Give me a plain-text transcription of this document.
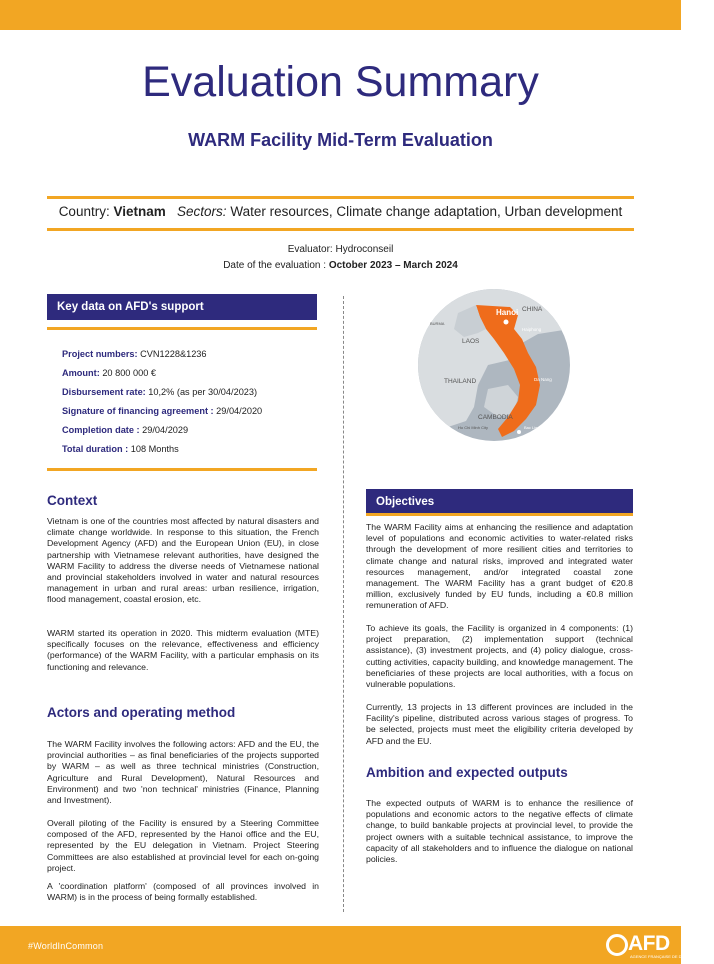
Evaluation Summary
WARM Facility Mid-Term Evaluation
Country: Vietnam Sectors: Water resources, Climate change adaptation, Urban development
Evaluator: Hydroconseil
Date of the evaluation : October 2023 – March 2024
Key data on AFD's support
Project numbers: CVN1228&1236
Amount: 20 800 000 €
Disbursement rate: 10,2% (as per 30/04/2023)
Signature of financing agreement : 29/04/2020
Completion date : 29/04/2029
Total duration : 108 Months
Hanoi CHINA
Haiphong
BURMA
LAOS
THAILAND
CAMBODIA
Da Nang
Ho Chi Minh City	Bac Lieu
Context
Vietnam is one of the countries most affected by natural disasters and climate change worldwide. In response to this situation, the French Development Agency (AFD) and the European Union (EU), in close partnership with Vietnamese relevant authorities, have designed the WARM Facility to address the diverse needs of Vietnamese national and provincial stakeholders involved in water and natural resources management in urban and rural areas: urban resilience, irrigation, flood management, coastal erosion, etc.
WARM started its operation in 2020. This midterm evaluation (MTE) specifically focuses on the relevance, effectiveness and efficiency (performance) of the WARM Facility, with a particular emphasis on its functioning and relevance.
Actors and operating method
The WARM Facility involves the following actors: AFD and the EU, the provincial authorities – as final beneficiaries of the projects supported by WARM – as well as three technical ministries (Construction, Agriculture and Rural Development), Natural Resources and Environment) and two 'non technical' ministries (Finance, Planning and Investment).
Overall piloting of the Facility is ensured by a Steering Committee composed of the AFD, represented by the Hanoi office and the EU, represented by the EU delegation in Vietnam. Project Steering Committees are also established at provincial level for each on-going project.
A 'coordination platform' (composed of all provinces involved in WARM) is in the process of being formally established.
Objectives
The WARM Facility aims at enhancing the resilience and adaptation level of populations and economic activities to water-related risks through the development of more resilient cities and territories to climate change and natural risks, improved and integrated water resources management, and/or integrated coastal zone management. The WARM Facility has a grant budget of €20.8 million, exclusively funded by EU funds, including a €0.8 million remuneration of AFD.
To achieve its goals, the Facility is organized in 4 components: (1) project preparation, (2) implementation support (technical assistance), (3) investment projects, and (4) policy dialogue, cross-cutting activities, capacity building, and knowledge management. The beneficiaries of these projects are local authorities, with a focus on vulnerable populations.
Currently, 13 projects in 13 different provinces are included in the Facility's pipeline, distributed across various stages of progress. To be selected, projects must meet the eligibility criteria developed by AFD and the EU.
Ambition and expected outputs
The expected outputs of WARM is to enhance the resilience of populations and economic actors to the negative effects of climate change, to build bankable projects at provincial level, to provide the project owners with a suitable technical assistance, to improve the capacity of all stakeholders and to influence the dialogue on national policies.
#WorldInCommon	AFD
AGENCE FRANÇAISE DE DÉVELOPPEMENT
